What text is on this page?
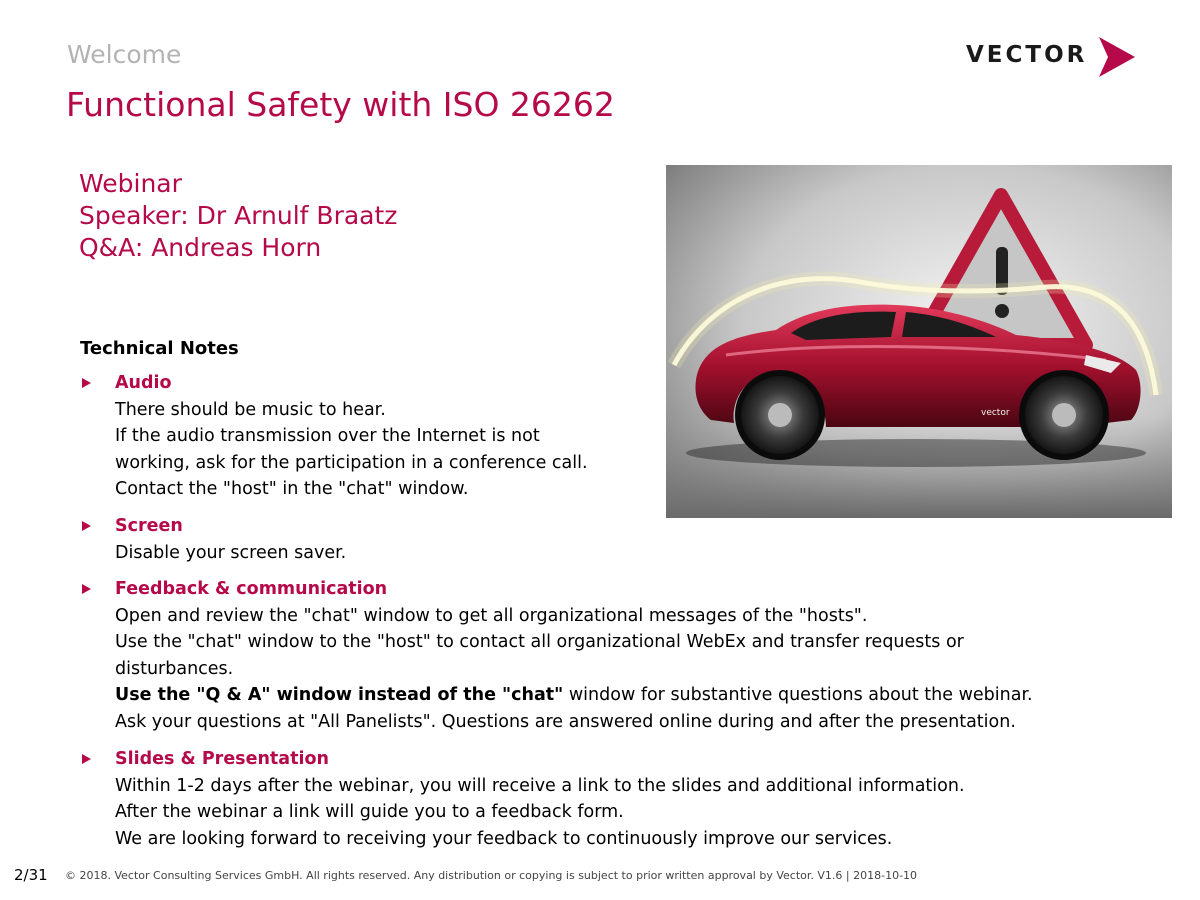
Welcome
Functional Safety with ISO 26262
VECTOR
Webinar
Speaker: Dr Arnulf Braatz
Q&A: Andreas Horn
vector
Technical Notes
Audio
There should be music to hear.
If the audio transmission over the Internet is not
working, ask for the participation in a conference call.
Contact the "host" in the "chat" window.
Screen
Disable your screen saver.
Feedback & communication
Open and review the "chat" window to get all organizational messages of the "hosts".
Use the "chat" window to the "host" to contact all organizational WebEx and transfer requests or
disturbances.
Use the "Q & A" window instead of the "chat" window for substantive questions about the webinar.
Ask your questions at "All Panelists". Questions are answered online during and after the presentation.
Slides & Presentation
Within 1-2 days after the webinar, you will receive a link to the slides and additional information.
After the webinar a link will guide you to a feedback form.
We are looking forward to receiving your feedback to continuously improve our services.
2/31 © 2018. Vector Consulting Services GmbH. All rights reserved. Any distribution or copying is subject to prior written approval by Vector. V1.6 | 2018-10-10
